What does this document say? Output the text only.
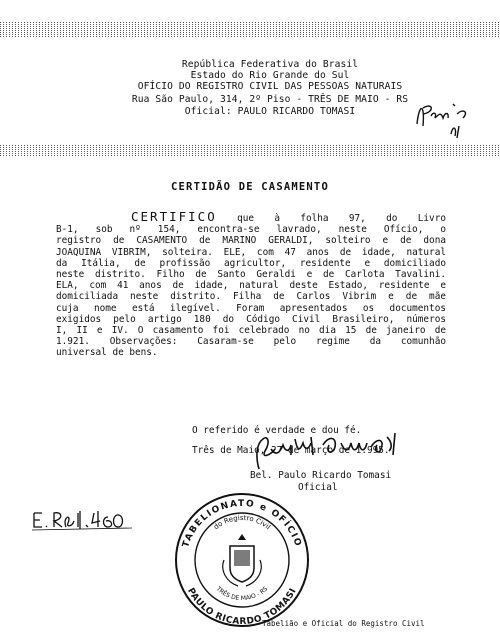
República Federativa do Brasil
Estado do Rio Grande do Sul
OFÍCIO DO REGISTRO CIVIL DAS PESSOAS NATURAIS
Rua São Paulo, 314, 2º Piso - TRÊS DE MAIO - RS
Oficial: PAULO RICARDO TOMASI
CERTIDÃO DE CASAMENTO
CERTIFICO que à folha 97, do Livro
B-1, sob nº 154, encontra-se lavrado, neste Ofício, o
registro de CASAMENTO de MARINO GERALDI, solteiro e de dona
JOAQUINA VIBRIM, solteira. ELE, com 47 anos de idade, natural
da Itália, de profissão agricultor, residente e domiciliado
neste distrito. Filho de Santo Geraldi e de Carlota Tavalini.
ELA, com 41 anos de idade, natural deste Estado, residente e
domiciliada neste distrito. Filha de Carlos Vibrim e de mãe
cuja nome está ilegível. Foram apresentados os documentos
exigidos pelo artigo 180 do Código Civil Brasileiro, números
I, II e IV. O casamento foi celebrado no dia 15 de janeiro de
1.921. Observações: Casaram-se pelo regime da comunhão
universal de bens.
O referido é verdade e dou fé.
Três de Maio, 27 de março de 1.995.
Bel. Paulo Ricardo Tomasi
Oficial
TABELIONATO e OFÍCIO
do Registro Civil
TRÊS DE MAIO - RS
PAULO RICARDO TOMASI
Tabelião e Oficial do Registro Civil
